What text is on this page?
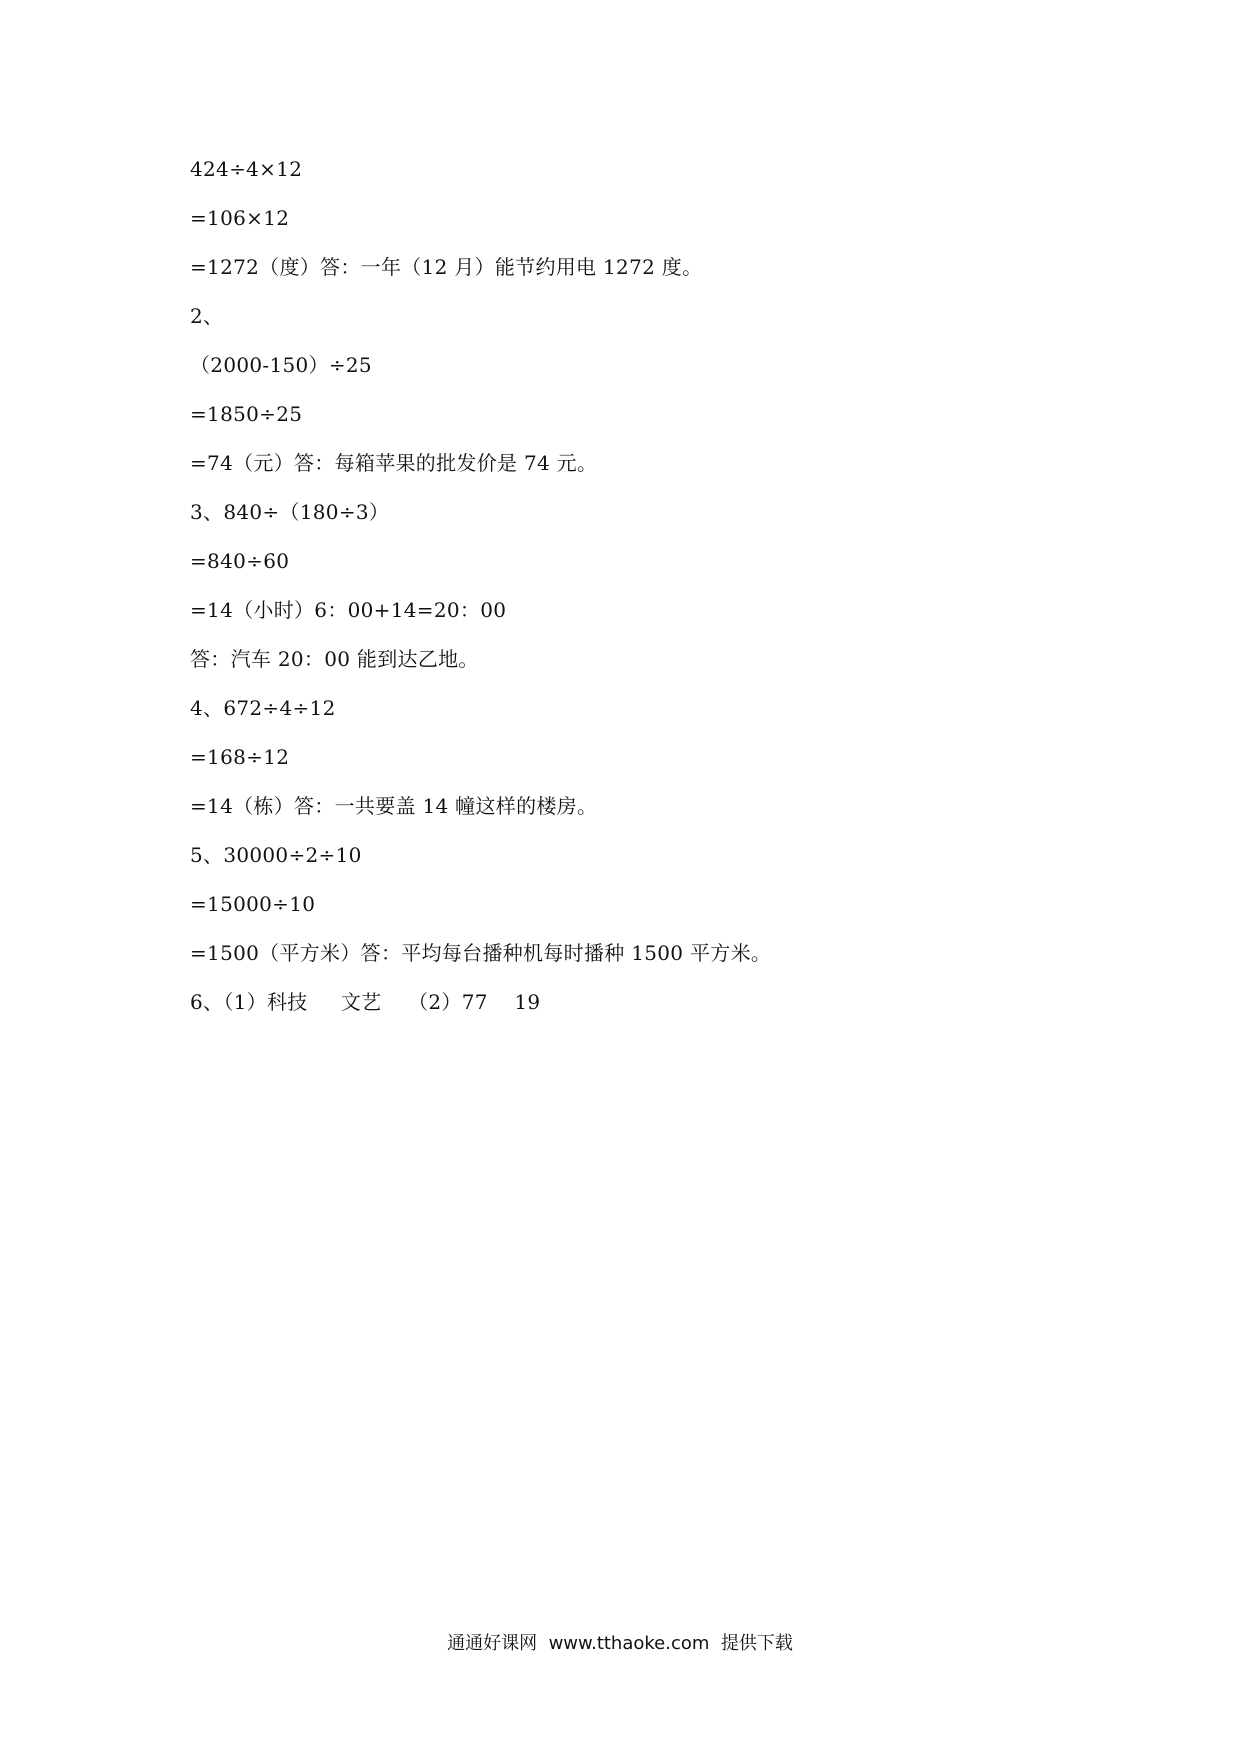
424÷4×12
=106×12
=1272（度）答：一年（12 月）能节约用电 1272 度。
2、
（2000-150）÷25
=1850÷25
=74（元）答：每箱苹果的批发价是 74 元。
3、840÷（180÷3）
=840÷60
=14（小时）6：00+14=20：00
答：汽车 20：00 能到达乙地。
4、672÷4÷12
=168÷12
=14（栋）答：一共要盖 14 幢这样的楼房。
5、30000÷2÷10
=15000÷10
=1500（平方米）答：平均每台播种机每时播种 1500 平方米。
6、（1）科技     文艺    （2）77    19
通通好课网  www.tthaoke.com  提供下载
